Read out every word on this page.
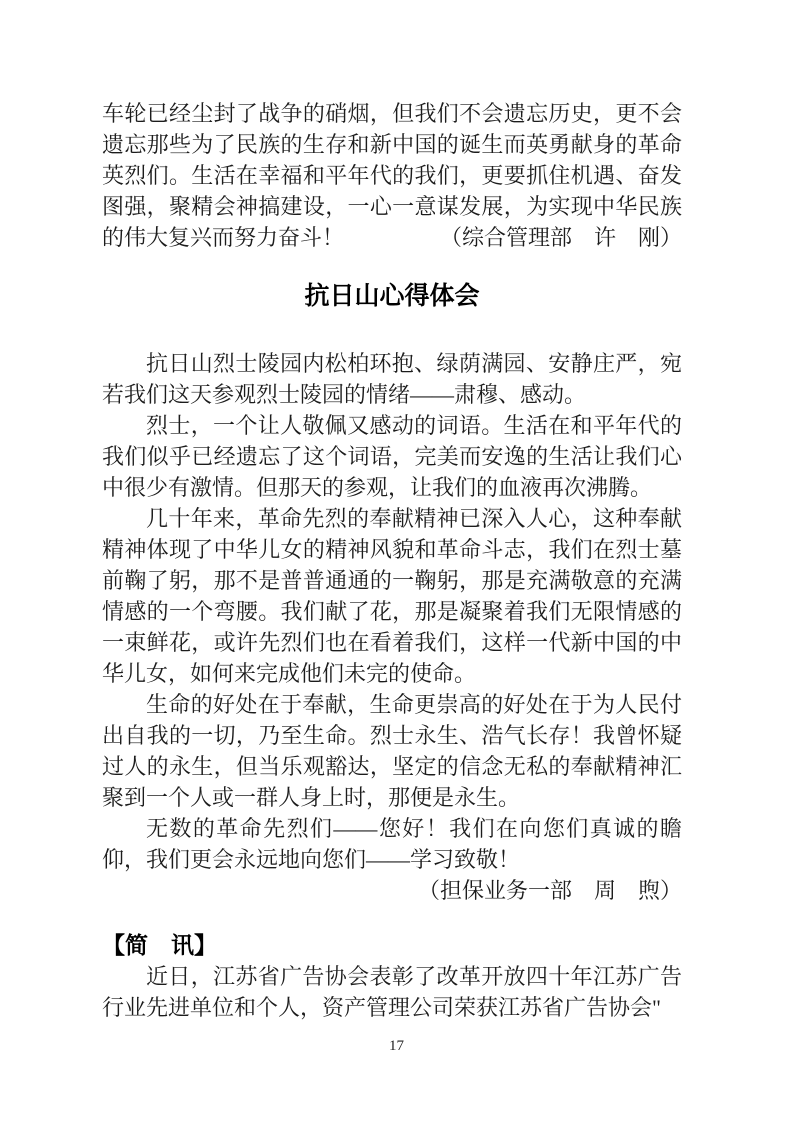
车轮已经尘封了战争的硝烟，但我们不会遗忘历史，更不会遗忘那些为了民族的生存和新中国的诞生而英勇献身的革命英烈们。生活在幸福和平年代的我们，更要抓住机遇、奋发图强，聚精会神搞建设，一心一意谋发展，为实现中华民族的伟大复兴而努力奋斗！	（综合管理部　许　刚）

抗日山心得体会

抗日山烈士陵园内松柏环抱、绿荫满园、安静庄严，宛若我们这天参观烈士陵园的情绪——肃穆、感动。

烈士，一个让人敬佩又感动的词语。生活在和平年代的我们似乎已经遗忘了这个词语，完美而安逸的生活让我们心中很少有激情。但那天的参观，让我们的血液再次沸腾。

几十年来，革命先烈的奉献精神已深入人心，这种奉献精神体现了中华儿女的精神风貌和革命斗志，我们在烈士墓前鞠了躬，那不是普普通通的一鞠躬，那是充满敬意的充满情感的一个弯腰。我们献了花，那是凝聚着我们无限情感的一束鲜花，或许先烈们也在看着我们，这样一代新中国的中华儿女，如何来完成他们未完的使命。

生命的好处在于奉献，生命更崇高的好处在于为人民付出自我的一切，乃至生命。烈士永生、浩气长存！我曾怀疑过人的永生，但当乐观豁达，坚定的信念无私的奉献精神汇聚到一个人或一群人身上时，那便是永生。

无数的革命先烈们——您好！我们在向您们真诚的瞻仰，我们更会永远地向您们——学习致敬！

（担保业务一部　周　煦）

【简　讯】

近日，江苏省广告协会表彰了改革开放四十年江苏广告行业先进单位和个人，资产管理公司荣获江苏省广告协会"

17
